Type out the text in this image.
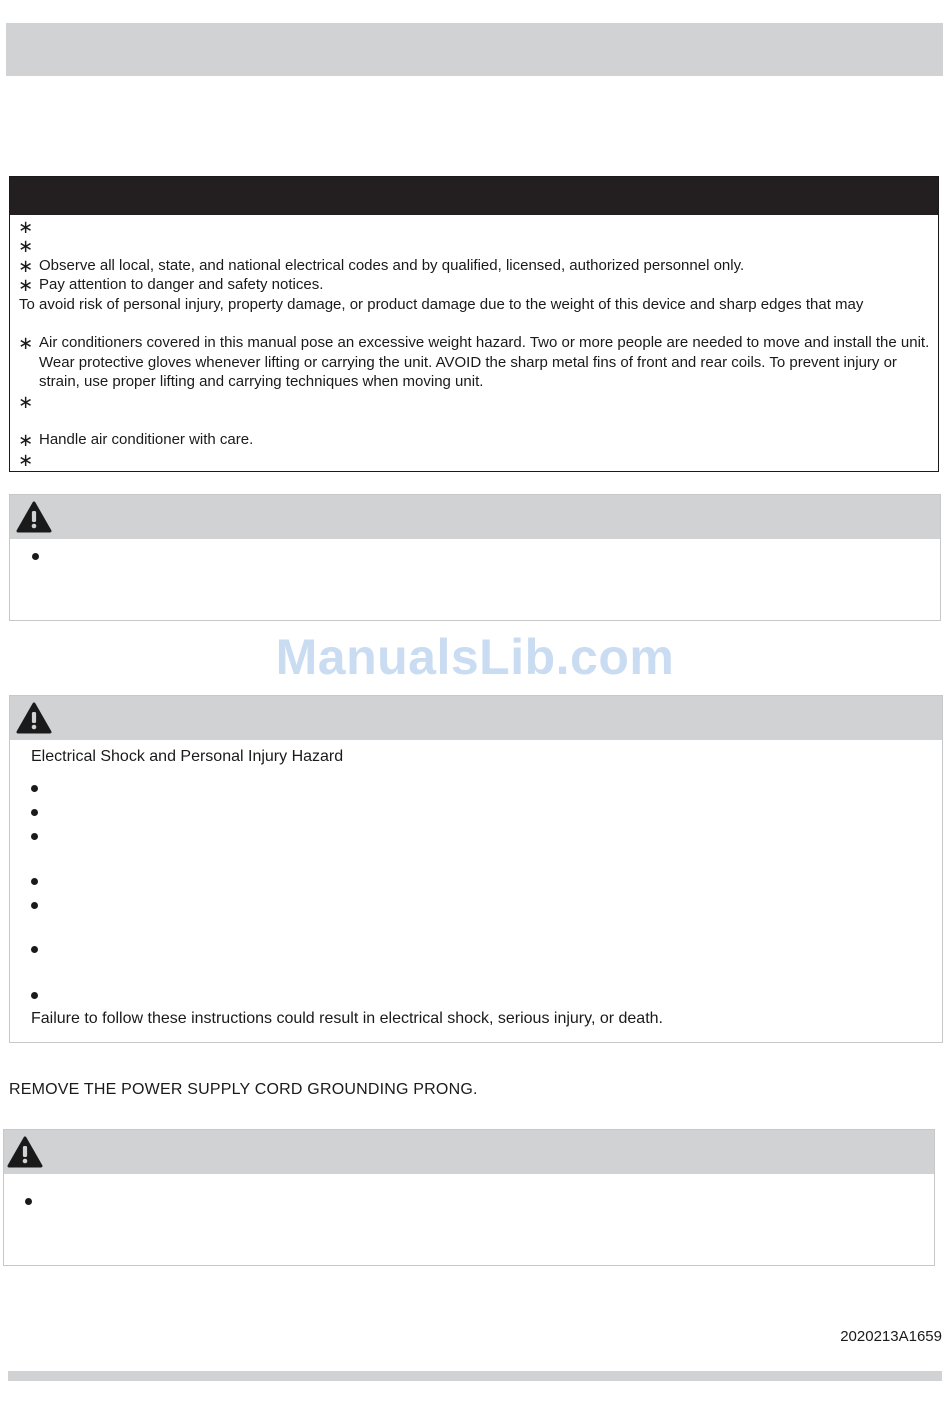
∗
∗
∗ Observe all local, state, and national electrical codes and by qualified, licensed, authorized personnel only.
∗ Pay attention to danger and safety notices.
To avoid risk of personal injury, property damage, or product damage due to the weight of this device and sharp edges that may
∗ Air conditioners covered in this manual pose an excessive weight hazard. Two or more people are needed to move and install the unit. Wear protective gloves whenever lifting or carrying the unit. AVOID the sharp metal fins of front and rear coils. To prevent injury or strain, use proper lifting and carrying techniques when moving unit.
∗
∗ Handle air conditioner with care.
∗
ManualsLib.com
Electrical Shock and Personal Injury Hazard
Failure to follow these instructions could result in electrical shock, serious injury, or death.
REMOVE THE POWER SUPPLY CORD GROUNDING PRONG.
2020213A1659
